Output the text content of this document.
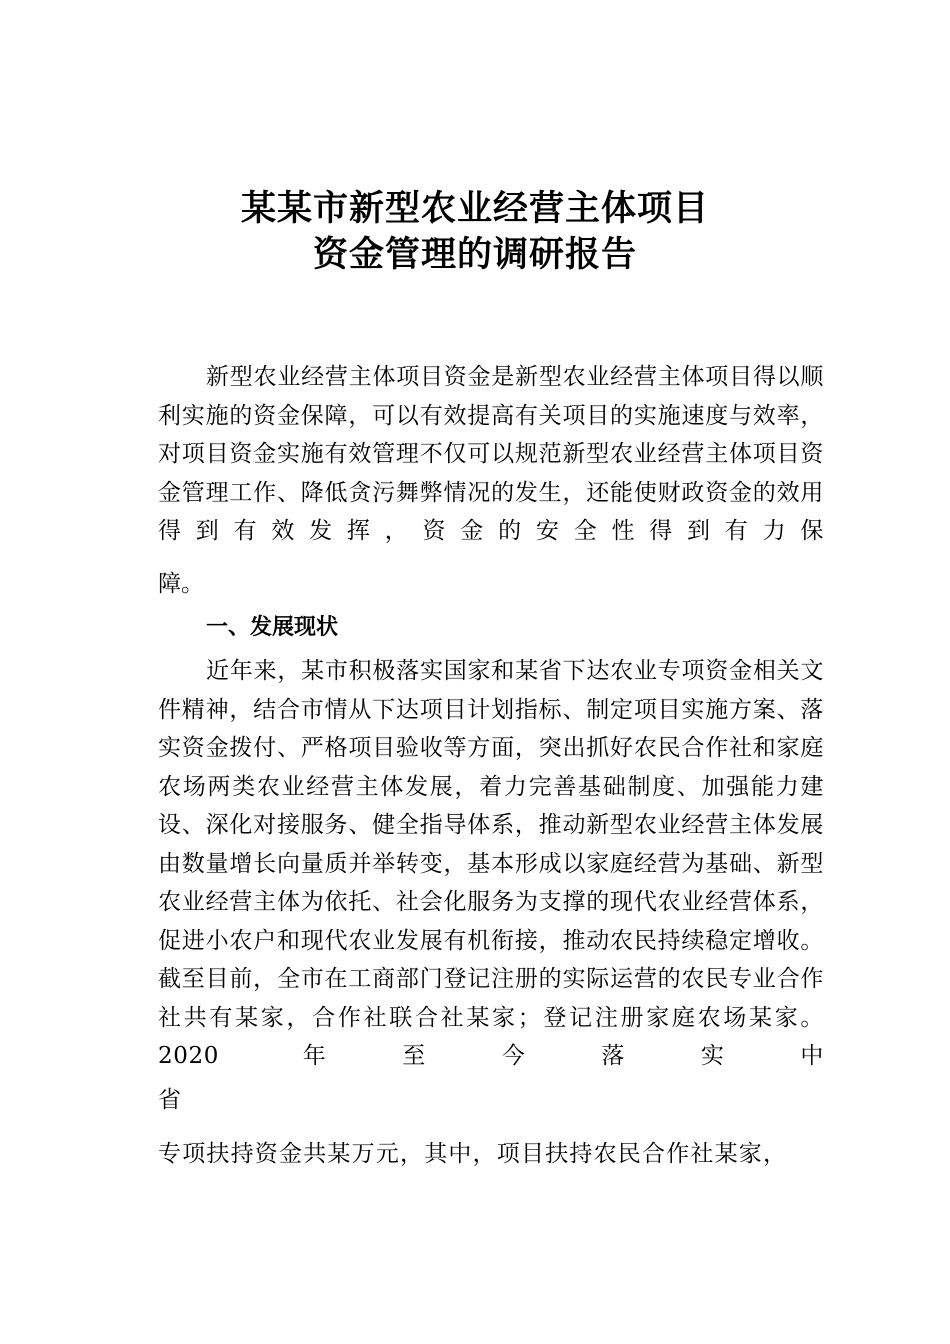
某某市新型农业经营主体项目
资金管理的调研报告
新型农业经营主体项目资金是新型农业经营主体项目得以顺利实施的资金保障，可以有效提高有关项目的实施速度与效率，对项目资金实施有效管理不仅可以规范新型农业经营主体项目资金管理工作、降低贪污舞弊情况的发生，还能使财政资金的效用得到有效发挥，资金的安全性得到有力保
障。
一、发展现状
近年来，某市积极落实国家和某省下达农业专项资金相关文件精神，结合市情从下达项目计划指标、制定项目实施方案、落实资金拨付、严格项目验收等方面，突出抓好农民合作社和家庭农场两类农业经营主体发展，着力完善基础制度、加强能力建设、深化对接服务、健全指导体系，推动新型农业经营主体发展由数量增长向量质并举转变，基本形成以家庭经营为基础、新型农业经营主体为依托、社会化服务为支撑的现代农业经营体系，促进小农户和现代农业发展有机衔接，推动农民持续稳定增收。截至目前，全市在工商部门登记注册的实际运营的农民专业合作社共有某家，合作社联合社某家；登记注册家庭农场某家。2020 年至今落实中
省
专项扶持资金共某万元，其中，项目扶持农民合作社某家，
